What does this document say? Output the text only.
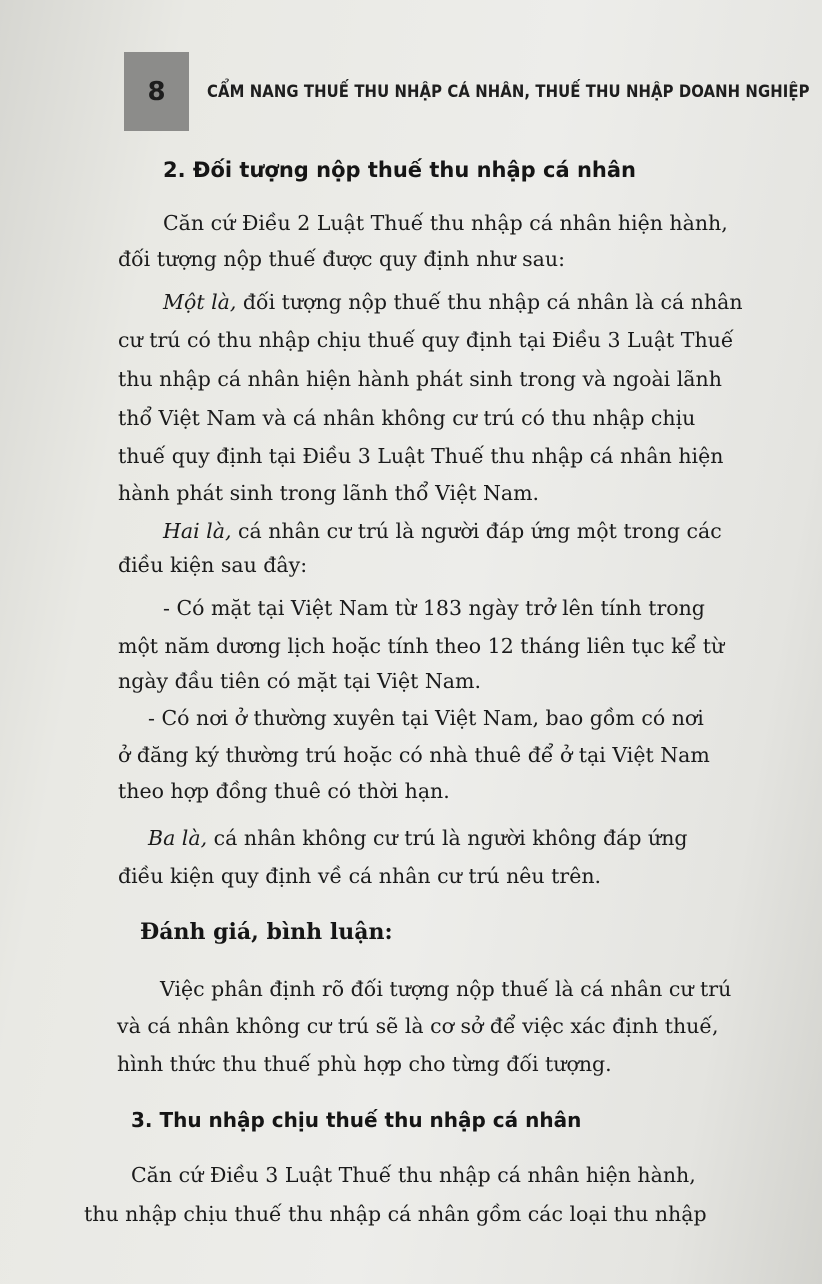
8	CẨM NANG THUẾ THU NHẬP CÁ NHÂN, THUẾ THU NHẬP DOANH NGHIỆP
2. Đối tượng nộp thuế thu nhập cá nhân
Căn cứ Điều 2 Luật Thuế thu nhập cá nhân hiện hành,
đối tượng nộp thuế được quy định như sau:
Một là, đối tượng nộp thuế thu nhập cá nhân là cá nhân
cư trú có thu nhập chịu thuế quy định tại Điều 3 Luật Thuế
thu nhập cá nhân hiện hành phát sinh trong và ngoài lãnh
thổ Việt Nam và cá nhân không cư trú có thu nhập chịu
thuế quy định tại Điều 3 Luật Thuế thu nhập cá nhân hiện
hành phát sinh trong lãnh thổ Việt Nam.
Hai là, cá nhân cư trú là người đáp ứng một trong các
điều kiện sau đây:
- Có mặt tại Việt Nam từ 183 ngày trở lên tính trong
một năm dương lịch hoặc tính theo 12 tháng liên tục kể từ
ngày đầu tiên có mặt tại Việt Nam.
- Có nơi ở thường xuyên tại Việt Nam, bao gồm có nơi
ở đăng ký thường trú hoặc có nhà thuê để ở tại Việt Nam
theo hợp đồng thuê có thời hạn.
Ba là, cá nhân không cư trú là người không đáp ứng
điều kiện quy định về cá nhân cư trú nêu trên.
Đánh giá, bình luận:
Việc phân định rõ đối tượng nộp thuế là cá nhân cư trú
và cá nhân không cư trú sẽ là cơ sở để việc xác định thuế,
hình thức thu thuế phù hợp cho từng đối tượng.
3. Thu nhập chịu thuế thu nhập cá nhân
Căn cứ Điều 3 Luật Thuế thu nhập cá nhân hiện hành,
thu nhập chịu thuế thu nhập cá nhân gồm các loại thu nhập
